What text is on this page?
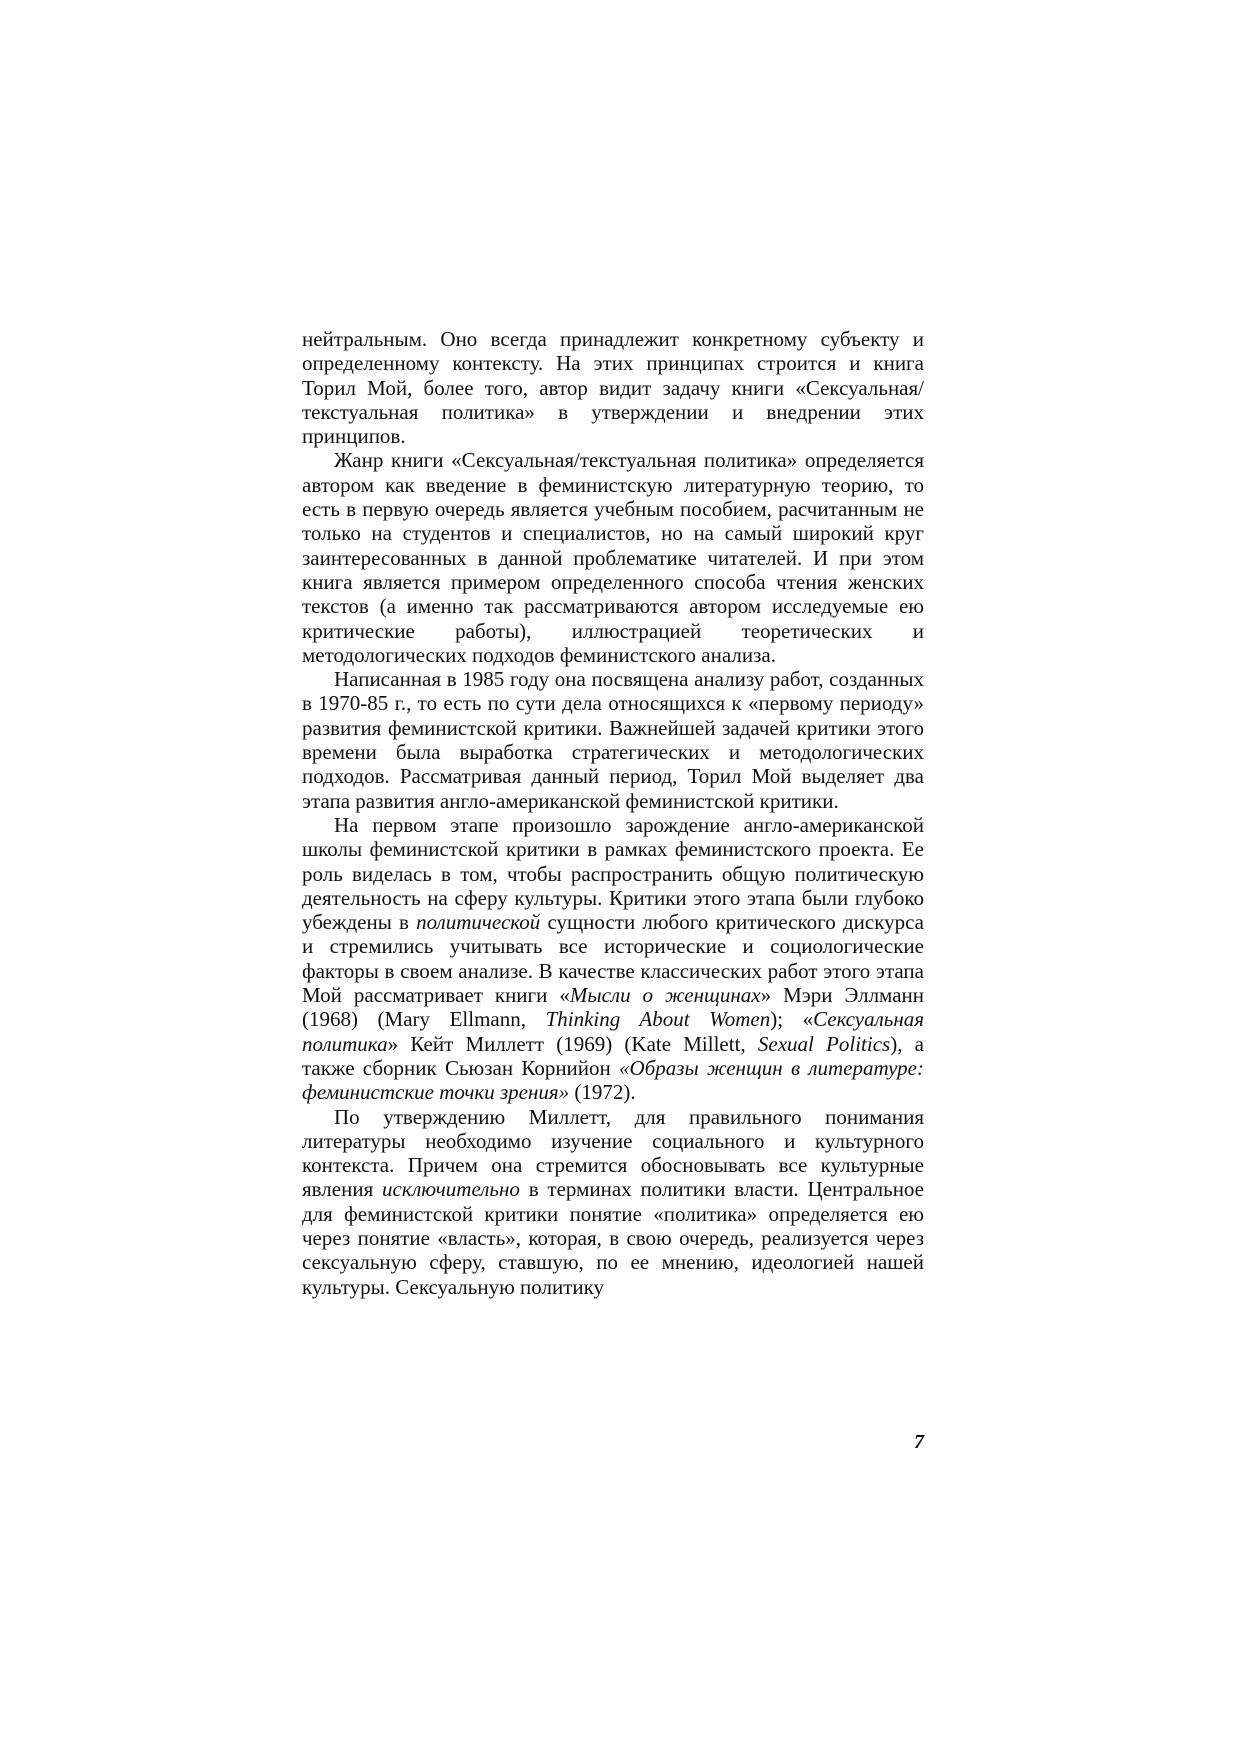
нейтральным. Оно всегда принадлежит конкретному субъекту и определенному контексту. На этих принципах строится и книга Торил Мой, более того, автор видит задачу книги «Сексуальная/текстуальная политика» в утверждении и внедрении этих принципов.

Жанр книги «Сексуальная/текстуальная политика» определяется автором как введение в феминистскую литературную теорию, то есть в первую очередь является учебным пособием, расчитанным не только на студентов и специалистов, но на самый широкий круг заинтересованных в данной проблематике читателей. И при этом книга является примером определенного способа чтения женских текстов (а именно так рассматриваются автором исследуемые ею критические работы), иллюстрацией теоретических и методологических подходов феминистского анализа.

Написанная в 1985 году она посвящена анализу работ, созданных в 1970-85 г., то есть по сути дела относящихся к «первому периоду» развития феминистской критики. Важнейшей задачей критики этого времени была выработка стратегических и методологических подходов. Рассматривая данный период, Торил Мой выделяет два этапа развития англо-американской феминистской критики.

На первом этапе произошло зарождение англо-американской школы феминистской критики в рамках феминистского проекта. Ее роль виделась в том, чтобы распространить общую политическую деятельность на сферу культуры. Критики этого этапа были глубоко убеждены в политической сущности любого критического дискурса и стремились учитывать все исторические и социологические факторы в своем анализе. В качестве классических работ этого этапа Мой рассматривает книги «Мысли о женщинах» Мэри Эллманн (1968) (Mary Ellmann, Thinking About Women); «Сексуальная политика» Кейт Миллетт (1969) (Kate Millett, Sexual Politics), а также сборник Сьюзан Корнийон «Образы женщин в литературе: феминистские точки зрения» (1972).

По утверждению Миллетт, для правильного понимания литературы необходимо изучение социального и культурного контекста. Причем она стремится обосновывать все культурные явления исключительно в терминах политики власти. Центральное для феминистской критики понятие «политика» определяется ею через понятие «власть», которая, в свою очередь, реализуется через сексуальную сферу, ставшую, по ее мнению, идеологией нашей культуры. Сексуальную политику

7
